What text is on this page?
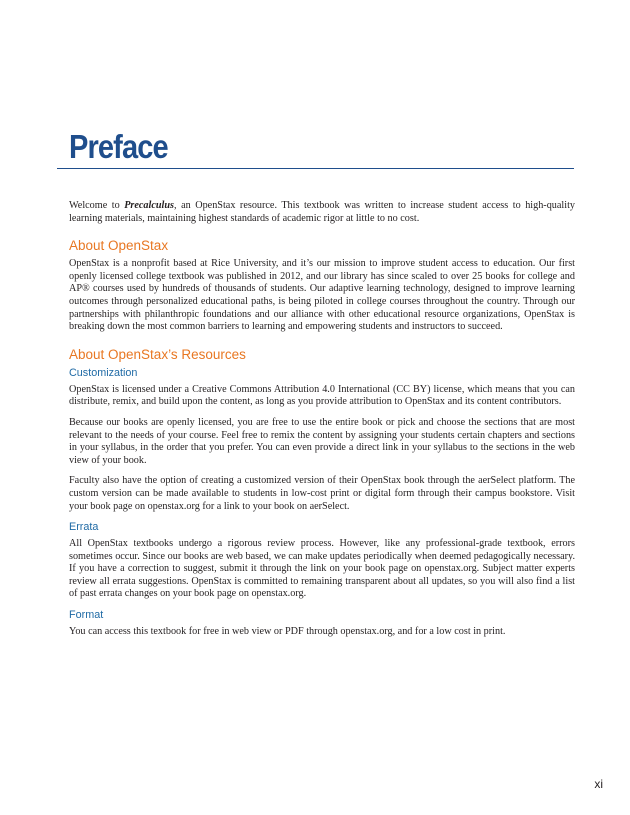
Preface

Welcome to Precalculus, an OpenStax resource. This textbook was written to increase student access to high-quality learning materials, maintaining highest standards of academic rigor at little to no cost.

About OpenStax

OpenStax is a nonprofit based at Rice University, and it’s our mission to improve student access to education. Our first openly licensed college textbook was published in 2012, and our library has since scaled to over 25 books for college and AP® courses used by hundreds of thousands of students. Our adaptive learning technology, designed to improve learning outcomes through personalized educational paths, is being piloted in college courses throughout the country. Through our partnerships with philanthropic foundations and our alliance with other educational resource organizations, OpenStax is breaking down the most common barriers to learning and empowering students and instructors to succeed.

About OpenStax’s Resources
Customization

OpenStax is licensed under a Creative Commons Attribution 4.0 International (CC BY) license, which means that you can distribute, remix, and build upon the content, as long as you provide attribution to OpenStax and its content contributors.

Because our books are openly licensed, you are free to use the entire book or pick and choose the sections that are most relevant to the needs of your course. Feel free to remix the content by assigning your students certain chapters and sections in your syllabus, in the order that you prefer. You can even provide a direct link in your syllabus to the sections in the web view of your book.

Faculty also have the option of creating a customized version of their OpenStax book through the aerSelect platform. The custom version can be made available to students in low-cost print or digital form through their campus bookstore. Visit your book page on openstax.org for a link to your book on aerSelect.

Errata

All OpenStax textbooks undergo a rigorous review process. However, like any professional-grade textbook, errors sometimes occur. Since our books are web based, we can make updates periodically when deemed pedagogically necessary. If you have a correction to suggest, submit it through the link on your book page on openstax.org. Subject matter experts review all errata suggestions. OpenStax is committed to remaining transparent about all updates, so you will also find a list of past errata changes on your book page on openstax.org.

Format

You can access this textbook for free in web view or PDF through openstax.org, and for a low cost in print.

xi
